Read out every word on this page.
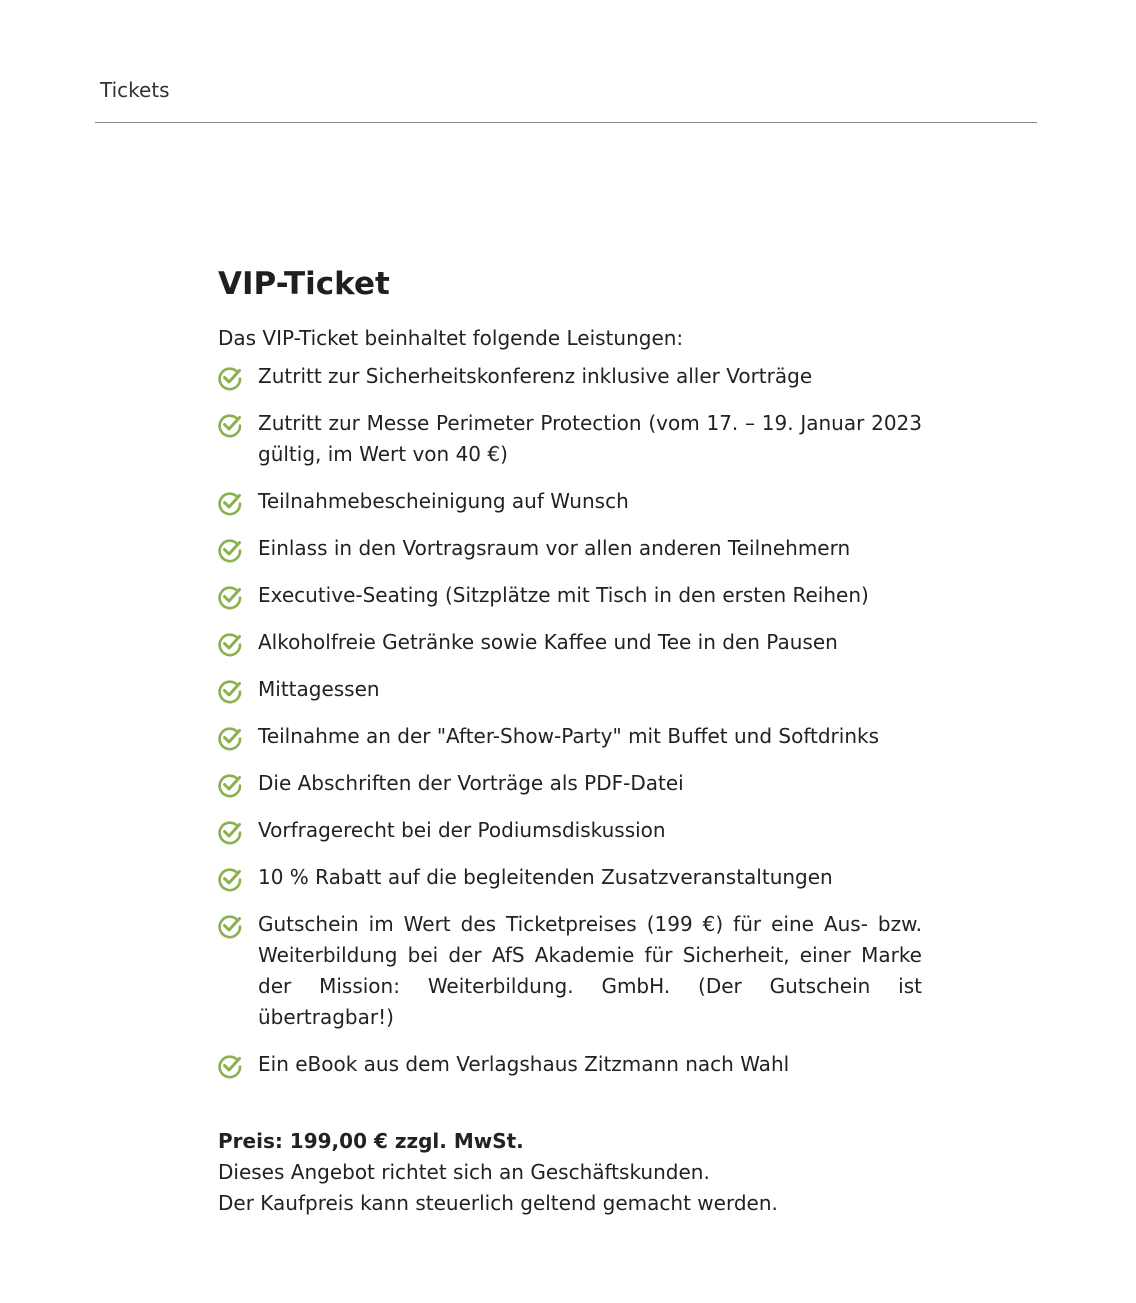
Tickets
VIP-Ticket

Das VIP-Ticket beinhaltet folgende Leistungen:

Zutritt zur Sicherheitskonferenz inklusive aller Vorträge
Zutritt zur Messe Perimeter Protection (vom 17. – 19. Januar 2023 gültig, im Wert von 40 €)
Teilnahmebescheinigung auf Wunsch
Einlass in den Vortragsraum vor allen anderen Teilnehmern
Executive-Seating (Sitzplätze mit Tisch in den ersten Reihen)
Alkoholfreie Getränke sowie Kaffee und Tee in den Pausen
Mittagessen
Teilnahme an der "After-Show-Party" mit Buffet und Softdrinks
Die Abschriften der Vorträge als PDF-Datei
Vorfragerecht bei der Podiumsdiskussion
10 % Rabatt auf die begleitenden Zusatzveranstaltungen
Gutschein im Wert des Ticketpreises (199 €) für eine Aus- bzw. Weiterbildung bei der AfS Akademie für Sicherheit, einer Marke der Mission: Weiterbildung. GmbH. (Der Gutschein ist übertragbar!)
Ein eBook aus dem Verlagshaus Zitzmann nach Wahl
Preis: 199,00 € zzgl. MwSt.
Dieses Angebot richtet sich an Geschäftskunden.
Der Kaufpreis kann steuerlich geltend gemacht werden.
